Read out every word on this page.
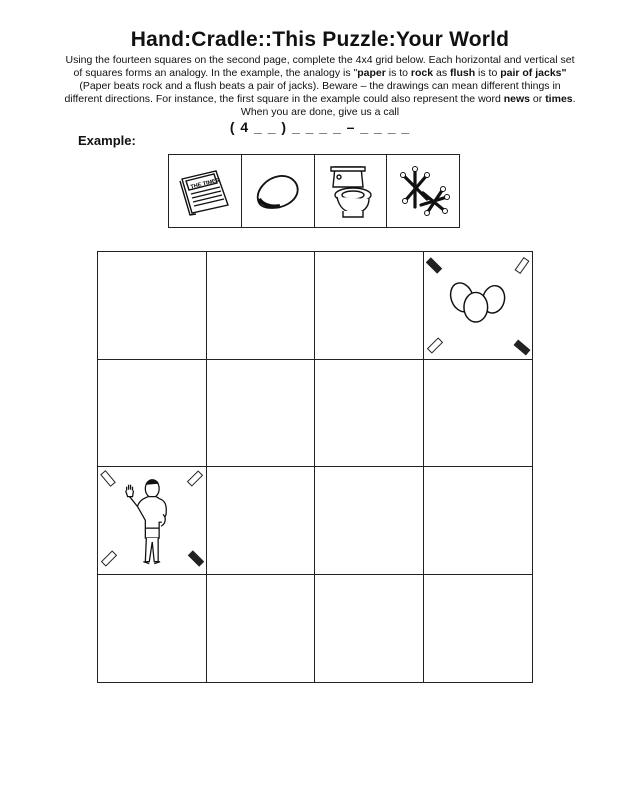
Hand:Cradle::This Puzzle:Your World
Using the fourteen squares on the second page, complete the 4x4 grid below. Each horizontal and vertical set
of squares forms an analogy. In the example, the analogy is "paper is to rock as flush is to pair of jacks"
(Paper beats rock and a flush beats a pair of jacks). Beware – the drawings can mean different things in
different directions. For instance, the first square in the example could also represent the word news or times.
When you are done, give us a call
( 4 _ _ ) _ _ _ _ – _ _ _ _
Example:
THE TIMES
